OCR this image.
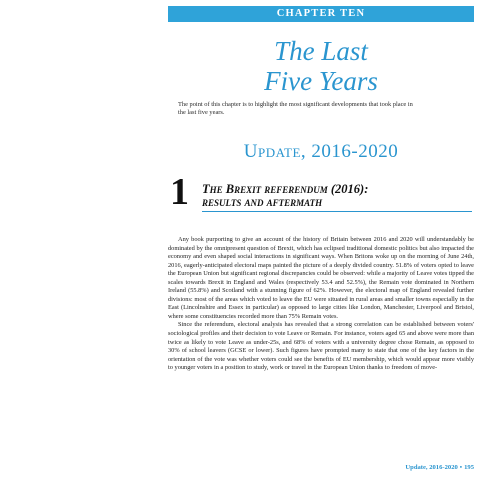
CHAPTER TEN
The Last
Five Years
The point of this chapter is to highlight the most significant developments that took place in the last five years.
Update, 2016-2020
1 The Brexit referendum (2016):
results and aftermath

Any book purporting to give an account of the history of Britain between 2016 and 2020 will understandably be dominated by the omnipresent question of Brexit, which has eclipsed traditional domestic politics but also impacted the economy and even shaped social interactions in significant ways. When Britons woke up on the morning of June 24th, 2016, eagerly-anticipated electoral maps painted the picture of a deeply divided country. 51.8% of voters opted to leave the European Union but significant regional discrepancies could be observed: while a majority of Leave votes tipped the scales towards Brexit in England and Wales (respectively 53.4 and 52.5%), the Remain vote dominated in Northern Ireland (55.8%) and Scotland with a stunning figure of 62%. However, the electoral map of England revealed further divisions: most of the areas which voted to leave the EU were situated in rural areas and smaller towns especially in the East (Lincolnshire and Essex in particular) as opposed to large cities like London, Manchester, Liverpool and Bristol, where some constituencies recorded more than 75% Remain votes.

Since the referendum, electoral analysis has revealed that a strong correlation can be established between voters' sociological profiles and their decision to vote Leave or Remain. For instance, voters aged 65 and above were more than twice as likely to vote Leave as under-25s, and 68% of voters with a university degree chose Remain, as opposed to 30% of school leavers (GCSE or lower). Such figures have prompted many to state that one of the key factors in the orientation of the vote was whether voters could see the benefits of EU membership, which would appear more visibly to younger voters in a position to study, work or travel in the European Union thanks to freedom of move-

Update, 2016-2020 • 195
